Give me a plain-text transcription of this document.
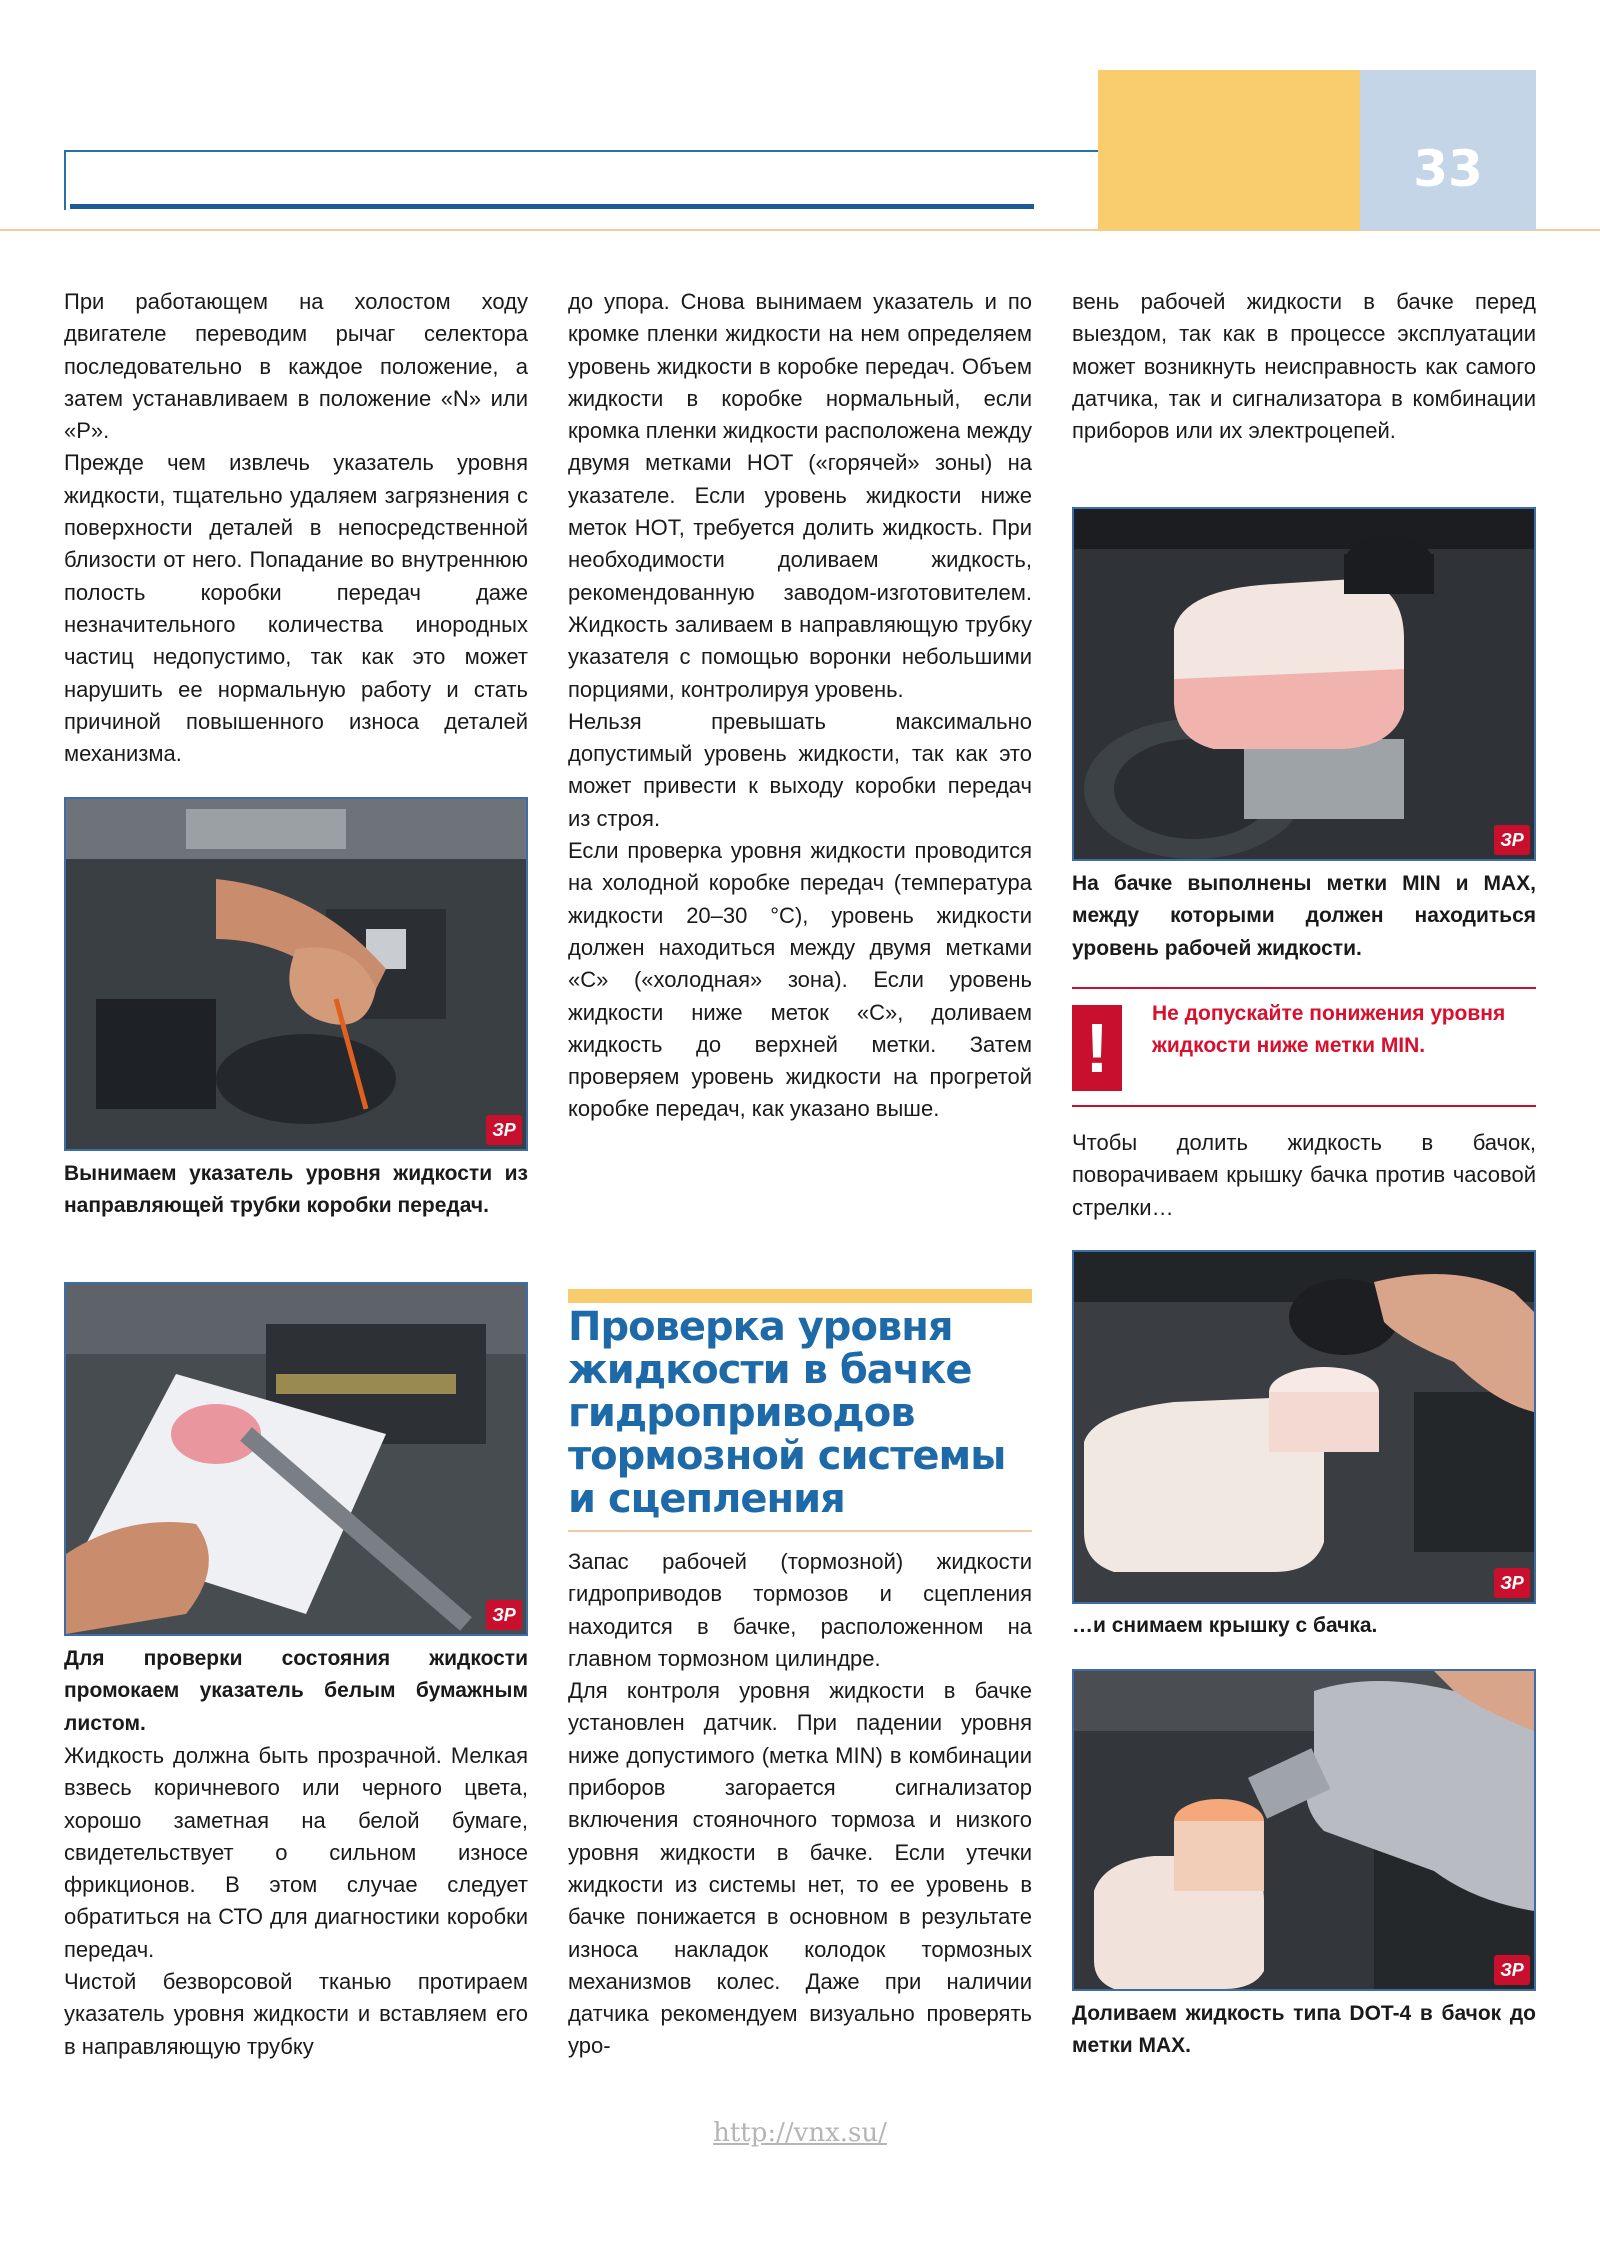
33

При работающем на холостом ходу двигателе переводим рычаг селектора последовательно в каждое положение, а затем устанавливаем в положение «N» или «P».

Прежде чем извлечь указатель уровня жидкости, тщательно удаляем загрязнения с поверхности деталей в непосредственной близости от него. Попадание во внутреннюю полость коробки передач даже незначительного количества инородных частиц недопустимо, так как это может нарушить ее нормальную работу и стать причиной повышенного износа деталей механизма.

ЗР
Вынимаем указатель уровня жидкости из направляющей трубки коробки передач.
ЗР
Для проверки состояния жидкости промокаем указатель белым бумажным листом.

Жидкость должна быть прозрачной. Мелкая взвесь коричневого или черного цвета, хорошо заметная на белой бумаге, свидетельствует о сильном износе фрикционов. В этом случае следует обратиться на СТО для диагностики коробки передач.

Чистой безворсовой тканью протираем указатель уровня жидкости и вставляем его в направляющую трубку

до упора. Снова вынимаем указатель и по кромке пленки жидкости на нем определяем уровень жидкости в коробке передач. Объем жидкости в коробке нормальный, если кромка пленки жидкости расположена между двумя метками HOT («горячей» зоны) на указателе. Если уровень жидкости ниже меток HOT, требуется долить жидкость. При необходимости доливаем жидкость, рекомендованную заводом-изготовителем. Жидкость заливаем в направляющую трубку указателя с помощью воронки небольшими порциями, контролируя уровень.

Нельзя превышать максимально допустимый уровень жидкости, так как это может привести к выходу коробки передач из строя.

Если проверка уровня жидкости проводится на холодной коробке передач (температура жидкости 20–30 °C), уровень жидкости должен находиться между двумя метками «С» («холодная» зона). Если уровень жидкости ниже меток «С», доливаем жидкость до верхней метки. Затем проверяем уровень жидкости на прогретой коробке передач, как указано выше.

Проверка уровня
жидкости в бачке
гидроприводов
тормозной системы
и сцепления

Запас рабочей (тормозной) жидкости гидроприводов тормозов и сцепления находится в бачке, расположенном на главном тормозном цилиндре.

Для контроля уровня жидкости в бачке установлен датчик. При падении уровня ниже допустимого (метка MIN) в комбинации приборов загорается сигнализатор включения стояночного тормоза и низкого уровня жидкости в бачке. Если утечки жидкости из системы нет, то ее уровень в бачке понижается в основном в результате износа накладок колодок тормозных механизмов колес. Даже при наличии датчика рекомендуем визуально проверять уро-

вень рабочей жидкости в бачке перед выездом, так как в процессе эксплуатации может возникнуть неисправность как самого датчика, так и сигнализатора в комбинации приборов или их электроцепей.

ЗР
На бачке выполнены метки MIN и MAX, между которыми должен находиться уровень рабочей жидкости.
!	Не допускайте понижения уровня жидкости ниже метки MIN.

Чтобы долить жидкость в бачок, поворачиваем крышку бачка против часовой стрелки…

ЗР
…и снимаем крышку с бачка.
ЗР
Доливаем жидкость типа DOT-4 в бачок до метки MAX.
http://vnx.su/
